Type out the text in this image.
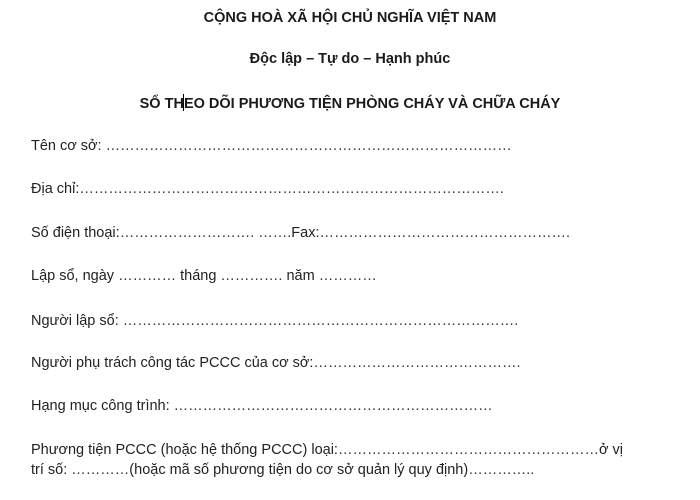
CỘNG HOÀ XÃ HỘI CHỦ NGHĨA VIỆT NAM
Độc lập – Tự do – Hạnh phúc
SỔ THEO DÕI PHƯƠNG TIỆN PHÒNG CHÁY VÀ CHỮA CHÁY
Tên cơ sở: …………………………………………………………………………
Địa chỉ:…………………………………………………………………………….
Số điện thoại:………………………. …….Fax:…………………………………………….
Lập sổ, ngày ………… tháng …………. năm …………
Người lập sổ: ……………………………………………………………………….
Người phụ trách công tác PCCC của cơ sở:…………………………………….
Hạng mục công trình: …………………………………………………………
Phương tiện PCCC (hoặc hệ thống PCCC) loại:………………………………………………ở vị
trí số: …………(hoặc mã số phương tiện do cơ sở quản lý quy định)…………..
